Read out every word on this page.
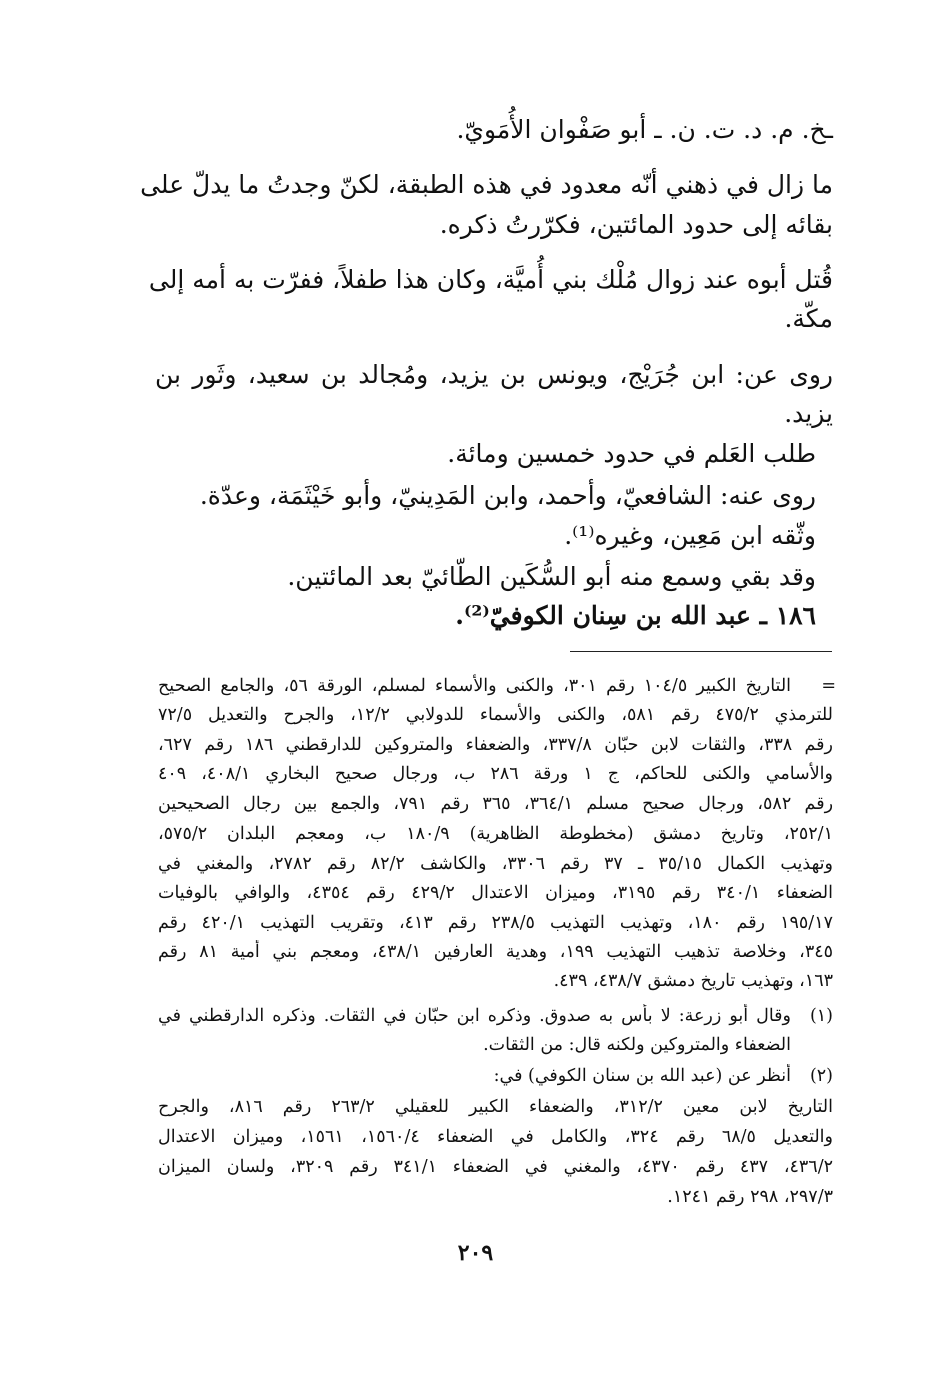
ـخ. م. د. ت. ن. ـ أبو صَفْوان الأُمَويّ.
ما زال في ذهني أنّه معدود في هذه الطبقة، لكنّ وجدتُ ما يدلّ على
بقائه إلى حدود المائتين، فكرّرتُ ذكره.
قُتل أبوه عند زوال مُلْك بني أُميَّة، وكان هذا طفلاً، ففرّت به أمه إلى
مكّة.
روى عن: ابن جُرَيْج، ويونس بن يزيد، ومُجالد بن سعيد، وثَور بن
يزيد.
طلب العَلم في حدود خمسين ومائة.
روى عنه: الشافعيّ، وأحمد، وابن المَدِينيّ، وأبو خَيْثَمَة، وعدّة.
وثّقه ابن مَعِين، وغيره⁽¹⁾.
وقد بقي وسمع منه أبو السُّكَين الطّائيّ بعد المائتين.
١٨٦ ـ عبد الله بن سِنان الكوفيّ⁽²⁾.
=
التاريخ الكبير ١٠٤/٥ رقم ٣٠١، والكنى والأسماء لمسلم، الورقة ٥٦، والجامع الصحيح
للترمذي ٤٧٥/٢ رقم ٥٨١، والكنى والأسماء للدولابي ١٢/٢، والجرح والتعديل ٧٢/٥
رقم ٣٣٨، والثقات لابن حبّان ٣٣٧/٨، والضعفاء والمتروكين للدارقطني ١٨٦ رقم ٦٢٧،
والأسامي والكنى للحاكم، ج ١ ورقة ٢٨٦ ب، ورجال صحيح البخاري ٤٠٨/١، ٤٠٩
رقم ٥٨٢، ورجال صحيح مسلم ٣٦٤/١، ٣٦٥ رقم ٧٩١، والجمع بين رجال الصحيحين
٢٥٢/١، وتاريخ دمشق (مخطوطة الظاهرية) ١٨٠/٩ ب، ومعجم البلدان ٥٧٥/٢،
وتهذيب الكمال ٣٥/١٥ ـ ٣٧ رقم ٣٣٠٦، والكاشف ٨٢/٢ رقم ٢٧٨٢، والمغني في
الضعفاء ٣٤٠/١ رقم ٣١٩٥، وميزان الاعتدال ٤٢٩/٢ رقم ٤٣٥٤، والوافي بالوفيات
١٩٥/١٧ رقم ١٨٠، وتهذيب التهذيب ٢٣٨/٥ رقم ٤١٣، وتقريب التهذيب ٤٢٠/١ رقم
٣٤٥، وخلاصة تذهيب التهذيب ١٩٩، وهدية العارفين ٤٣٨/١، ومعجم بني أمية ٨١ رقم
١٦٣، وتهذيب تاريخ دمشق ٤٣٨/٧، ٤٣٩.
(١)
وقال أبو زرعة: لا بأس به صدوق. وذكره ابن حبّان في الثقات. وذكره الدارقطني في
الضعفاء والمتروكين ولكنه قال: من الثقات.
(٢)
أنظر عن (عبد الله بن سنان الكوفي) في:
التاريخ لابن معين ٣١٢/٢، والضعفاء الكبير للعقيلي ٢٦٣/٢ رقم ٨١٦، والجرح
والتعديل ٦٨/٥ رقم ٣٢٤، والكامل في الضعفاء ١٥٦٠/٤، ١٥٦١، وميزان الاعتدال
٤٣٦/٢، ٤٣٧ رقم ٤٣٧٠، والمغني في الضعفاء ٣٤١/١ رقم ٣٢٠٩، ولسان الميزان
٢٩٧/٣، ٢٩٨ رقم ١٢٤١.
٢٠٩
